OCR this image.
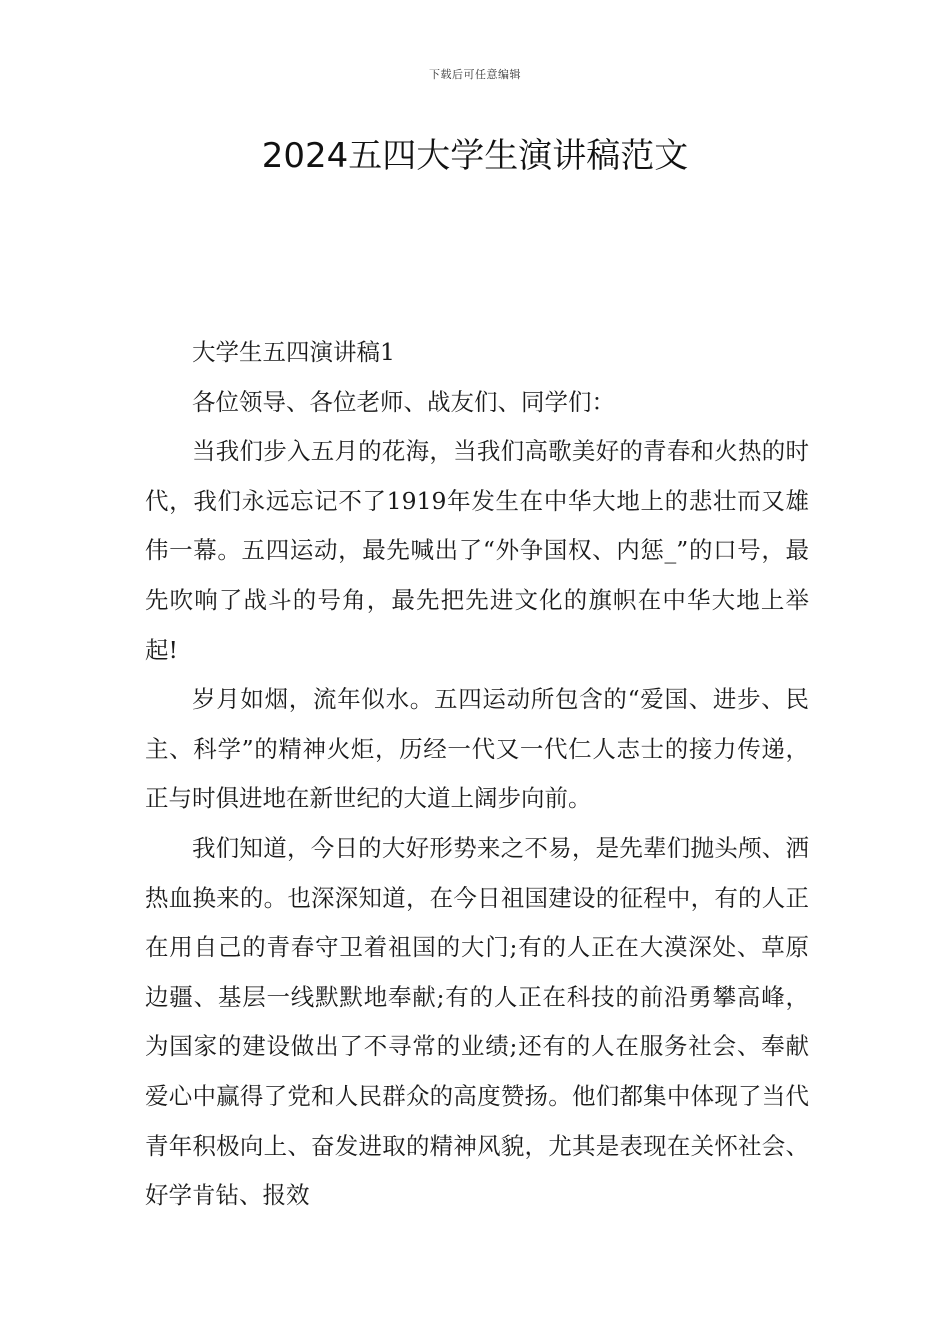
下载后可任意编辑
2024五四大学生演讲稿范文

大学生五四演讲稿1

各位领导、各位老师、战友们、同学们：

当我们步入五月的花海，当我们高歌美好的青春和火热的时代，我们永远忘记不了1919年发生在中华大地上的悲壮而又雄伟一幕。五四运动，最先喊出了“外争国权、内惩_”的口号，最先吹响了战斗的号角，最先把先进文化的旗帜在中华大地上举起!

岁月如烟，流年似水。五四运动所包含的“爱国、进步、民主、科学”的精神火炬，历经一代又一代仁人志士的接力传递，正与时俱进地在新世纪的大道上阔步向前。

我们知道，今日的大好形势来之不易，是先辈们抛头颅、洒热血换来的。也深深知道，在今日祖国建设的征程中，有的人正在用自己的青春守卫着祖国的大门;有的人正在大漠深处、草原边疆、基层一线默默地奉献;有的人正在科技的前沿勇攀高峰，为国家的建设做出了不寻常的业绩;还有的人在服务社会、奉献爱心中赢得了党和人民群众的高度赞扬。他们都集中体现了当代青年积极向上、奋发进取的精神风貌，尤其是表现在关怀社会、好学肯钻、报效
